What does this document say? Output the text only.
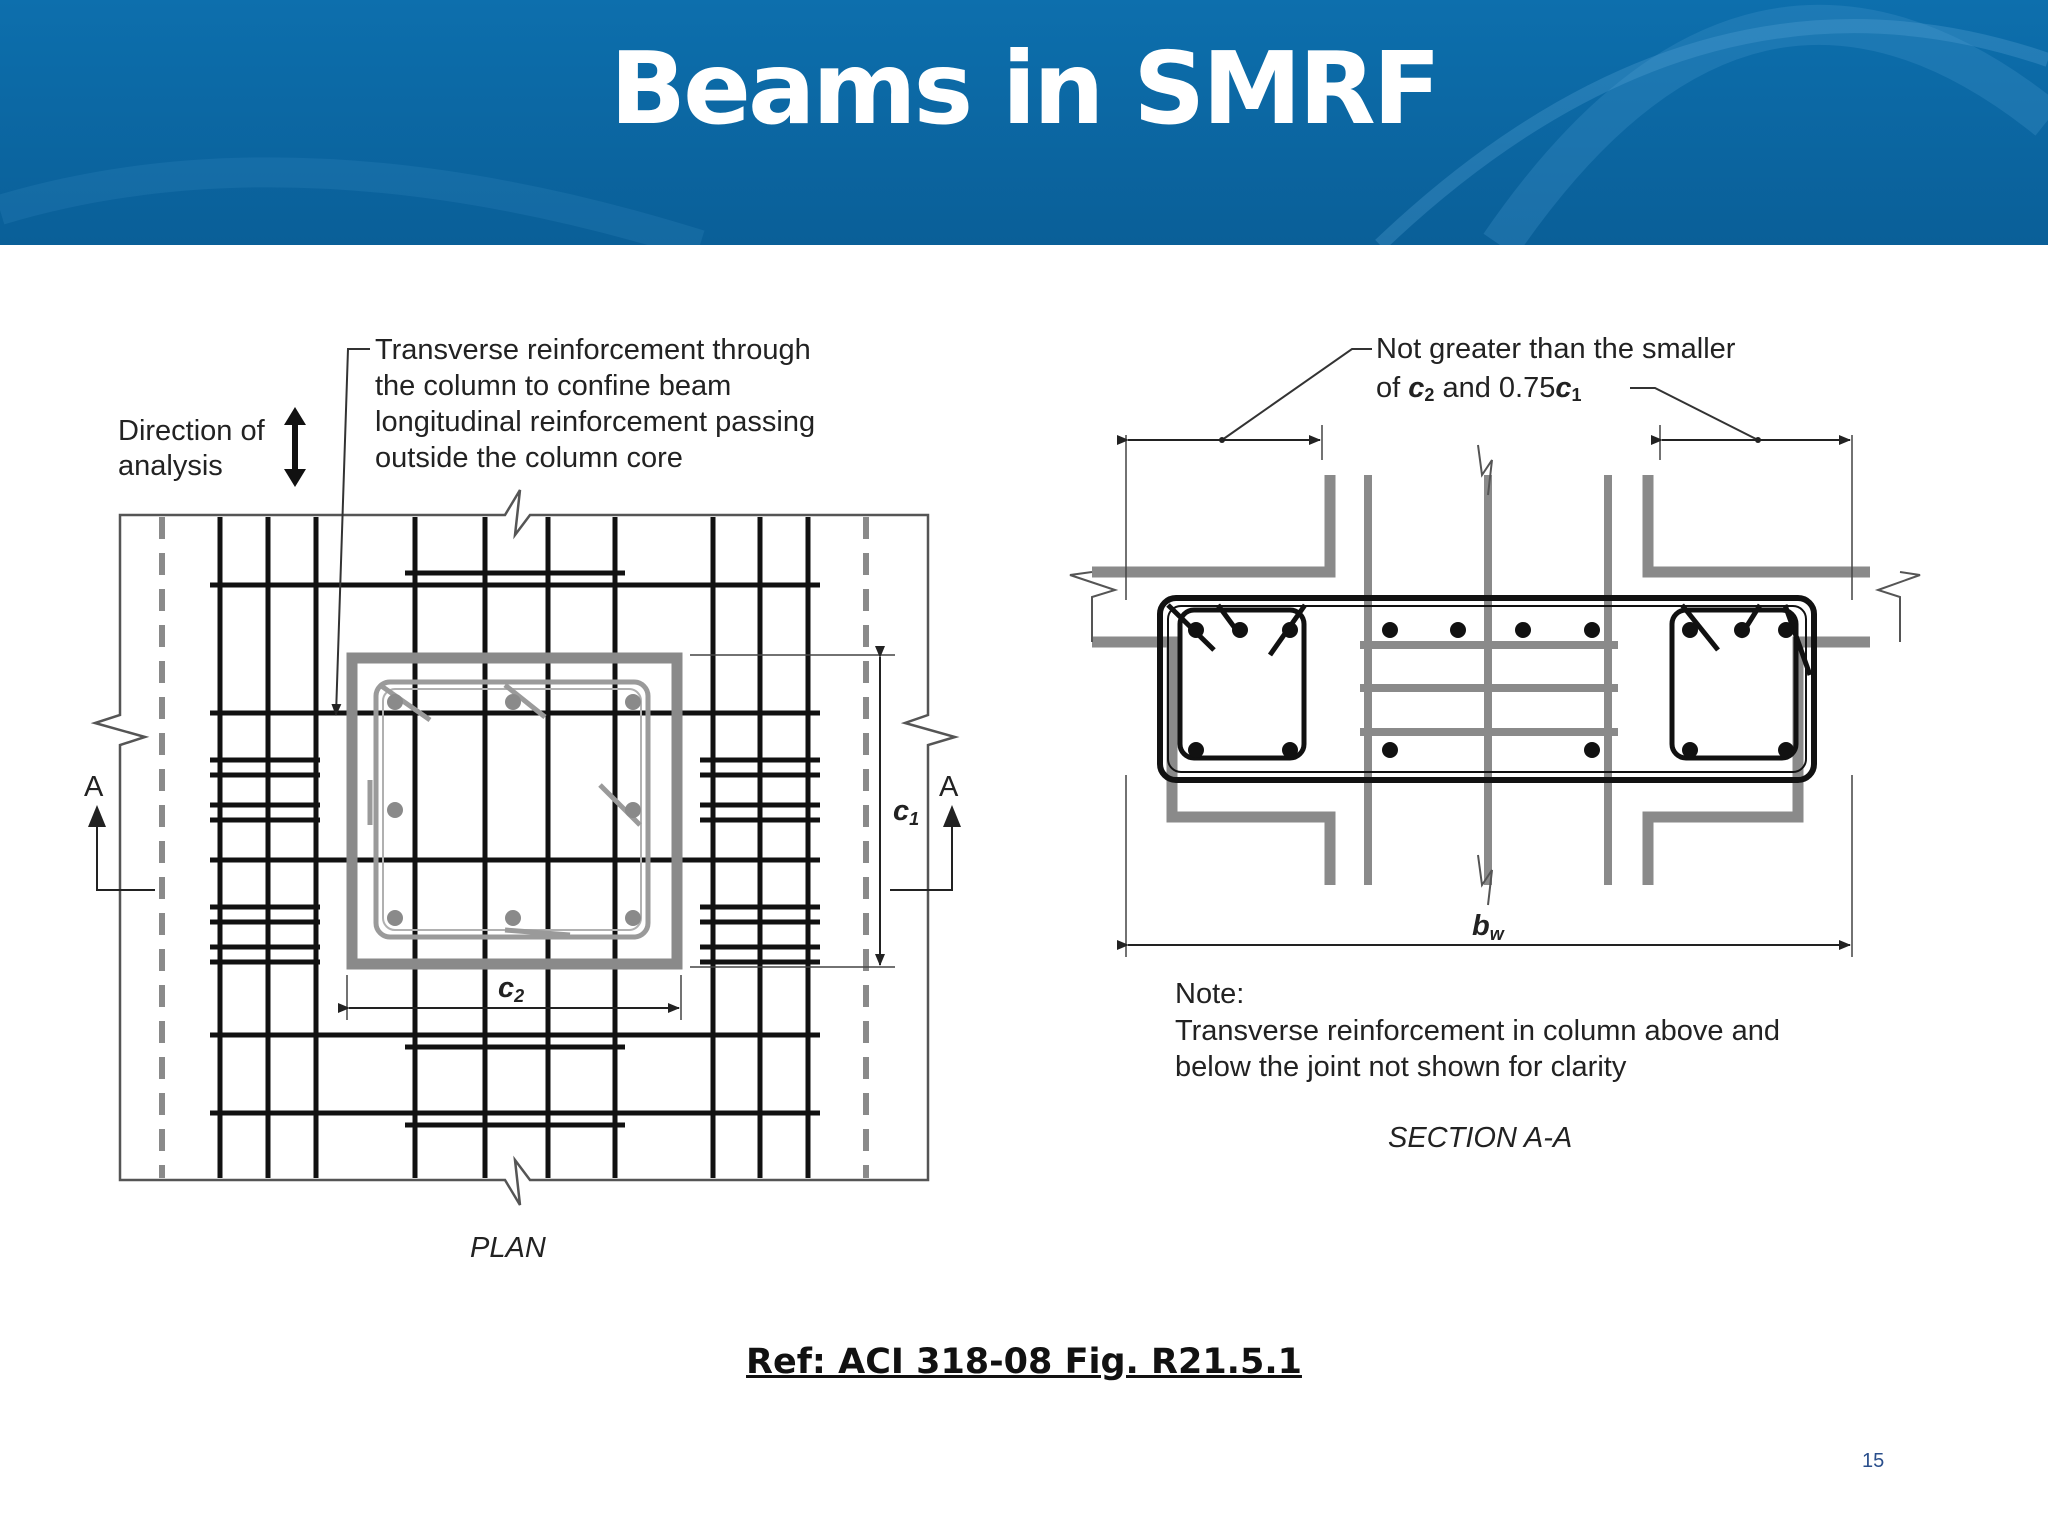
Beams in SMRF
c1
c2
A	A
Direction of
analysis
Transverse reinforcement through
the column to confine beam
longitudinal reinforcement passing
outside the column core
PLAN
Not greater than the smaller
of c2 and 0.75c1
bw
Note:
Transverse reinforcement in column above and
below the joint not shown for clarity
SECTION A-A
Ref: ACI 318-08 Fig. R21.5.1
15
